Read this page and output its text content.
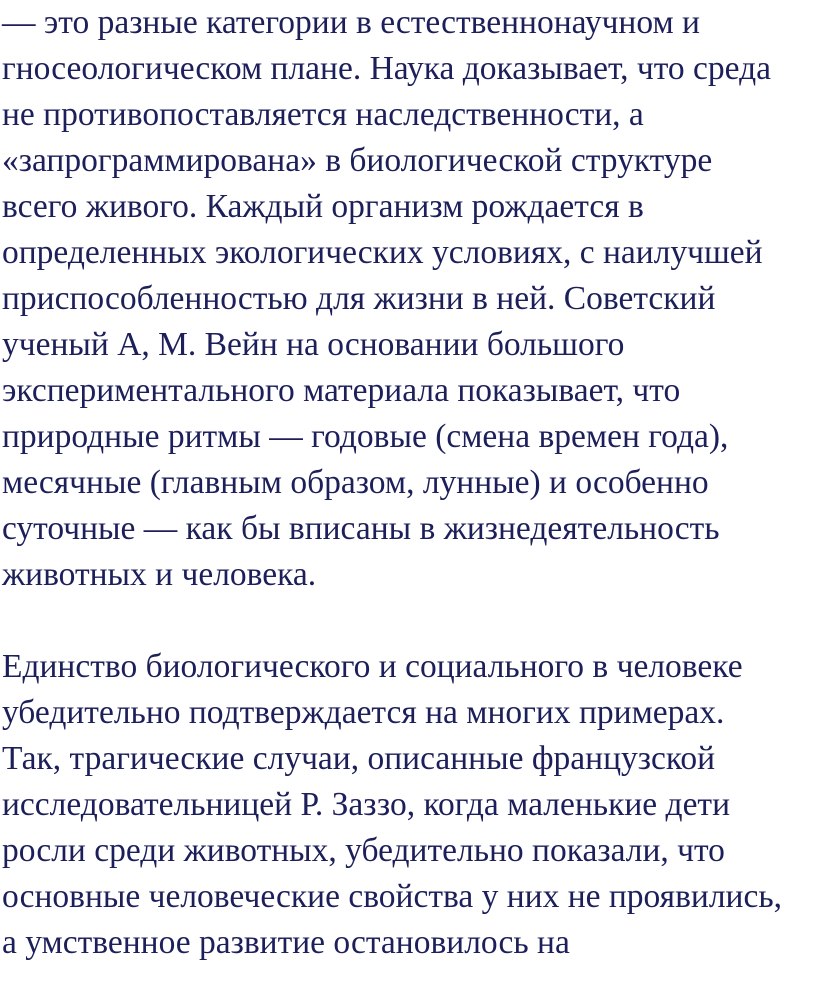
— это разные категории в естественнонаучном и

гносеологическом плане. Наука доказывает, что среда

не противопоставляется наследственности, а

«запрограммирована» в биологической структуре

всего живого. Каждый организм рождается в

определенных экологических условиях, с наилучшей

приспособленностью для жизни в ней. Советский

ученый А, М. Вейн на основании большого

экспериментального материала показывает, что

природные ритмы — годовые (смена времен года),

месячные (главным образом, лунные) и особенно

суточные — как бы вписаны в жизнедеятельность

животных и человека.

Единство биологического и социального в человеке

убедительно подтверждается на многих примерах.

Так, трагические случаи, описанные французской

исследовательницей Р. Заззо, когда маленькие дети

росли среди животных, убедительно показали, что

основные человеческие свойства у них не проявились,

а умственное развитие остановилось на
